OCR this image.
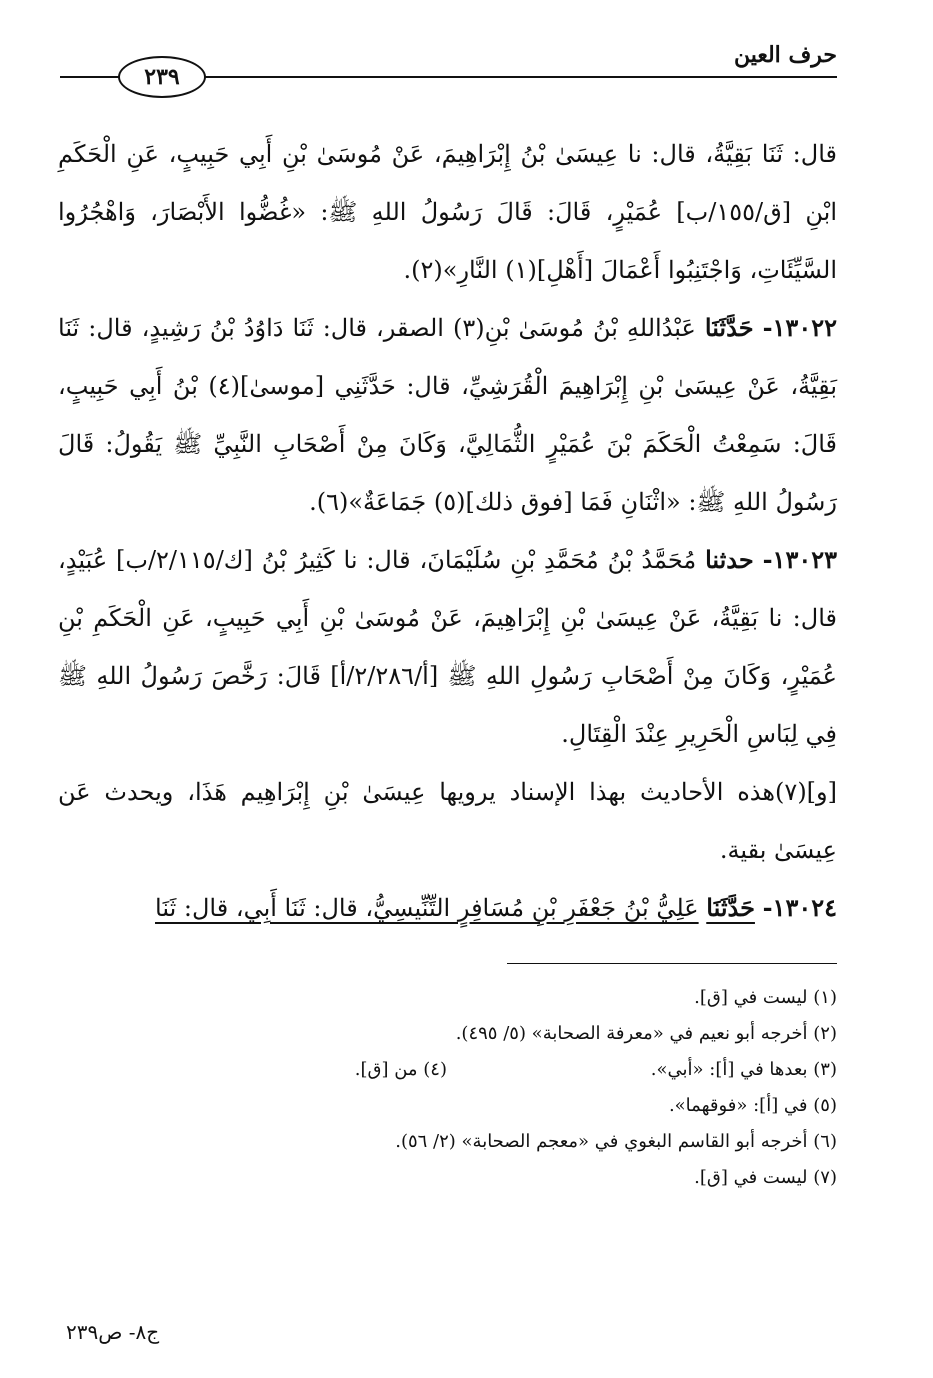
حرف العين
٢٣٩

قال: ثَنَا بَقِيَّةُ، قال: نا عِيسَىٰ بْنُ إِبْرَاهِيمَ، عَنْ مُوسَىٰ بْنِ أَبِي حَبِيبٍ، عَنِ الْحَكَمِ ابْنِ [ق/١٥٥/ب] عُمَيْرٍ، قَالَ: قَالَ رَسُولُ اللهِ ﷺ: «غُضُّوا الأَبْصَارَ، وَاهْجُرُوا السَّيِّئَاتِ، وَاجْتَنِبُوا أَعْمَالَ [أَهْلِ](١) النَّارِ»(٢).

١٣٠٢٢- حَدَّثَنَا عَبْدُاللهِ بْنُ مُوسَىٰ بْنِ(٣) الصقر، قال: ثَنَا دَاوُدُ بْنُ رَشِيدٍ، قال: ثَنَا بَقِيَّةُ، عَنْ عِيسَىٰ بْنِ إِبْرَاهِيمَ الْقُرَشِيِّ، قال: حَدَّثَنِي [موسىٰ](٤) بْنُ أَبِي حَبِيبٍ، قَالَ: سَمِعْتُ الْحَكَمَ بْنَ عُمَيْرٍ الثُّمَالِيَّ، وَكَانَ مِنْ أَصْحَابِ النَّبِيِّ ﷺ يَقُولُ: قَالَ رَسُولُ اللهِ ﷺ: «اثْنَانِ فَمَا [فوق ذلك](٥) جَمَاعَةٌ»(٦).

١٣٠٢٣- حدثنا مُحَمَّدُ بْنُ مُحَمَّدِ بْنِ سُلَيْمَانَ، قال: نا كَثِيرُ بْنُ [ك/٢/١١٥/ب] عُبَيْدٍ، قال: نا بَقِيَّةُ، عَنْ عِيسَىٰ بْنِ إِبْرَاهِيمَ، عَنْ مُوسَىٰ بْنِ أَبِي حَبِيبٍ، عَنِ الْحَكَمِ بْنِ عُمَيْرٍ، وَكَانَ مِنْ أَصْحَابِ رَسُولِ اللهِ ﷺ [أ/٢/٢٨٦/أ] قَالَ: رَخَّصَ رَسُولُ اللهِ ﷺ فِي لِبَاسِ الْحَرِيرِ عِنْدَ الْقِتَالِ.

[و](٧)هذه الأحاديث بهذا الإسناد يرويها عِيسَىٰ بْنِ إِبْرَاهِيم هَذَا، ويحدث عَن عِيسَىٰ بقية.

١٣٠٢٤- حَدَّثَنَا عَلِيُّ بْنُ جَعْفَرِ بْنِ مُسَافِرٍ التِّنِّيسِيُّ، قال: ثَنَا أَبِي، قال: ثَنَا

(١) ليست في [ق].
(٢) أخرجه أبو نعيم في «معرفة الصحابة» (٥/ ٤٩٥).
(٣) بعدها في [أ]: «أبي».
(٤) من [ق].
(٥) في [أ]: «فوقهما».
(٦) أخرجه أبو القاسم البغوي في «معجم الصحابة» (٢/ ٥٦).
(٧) ليست في [ق].
ج٨- ص٢٣٩
